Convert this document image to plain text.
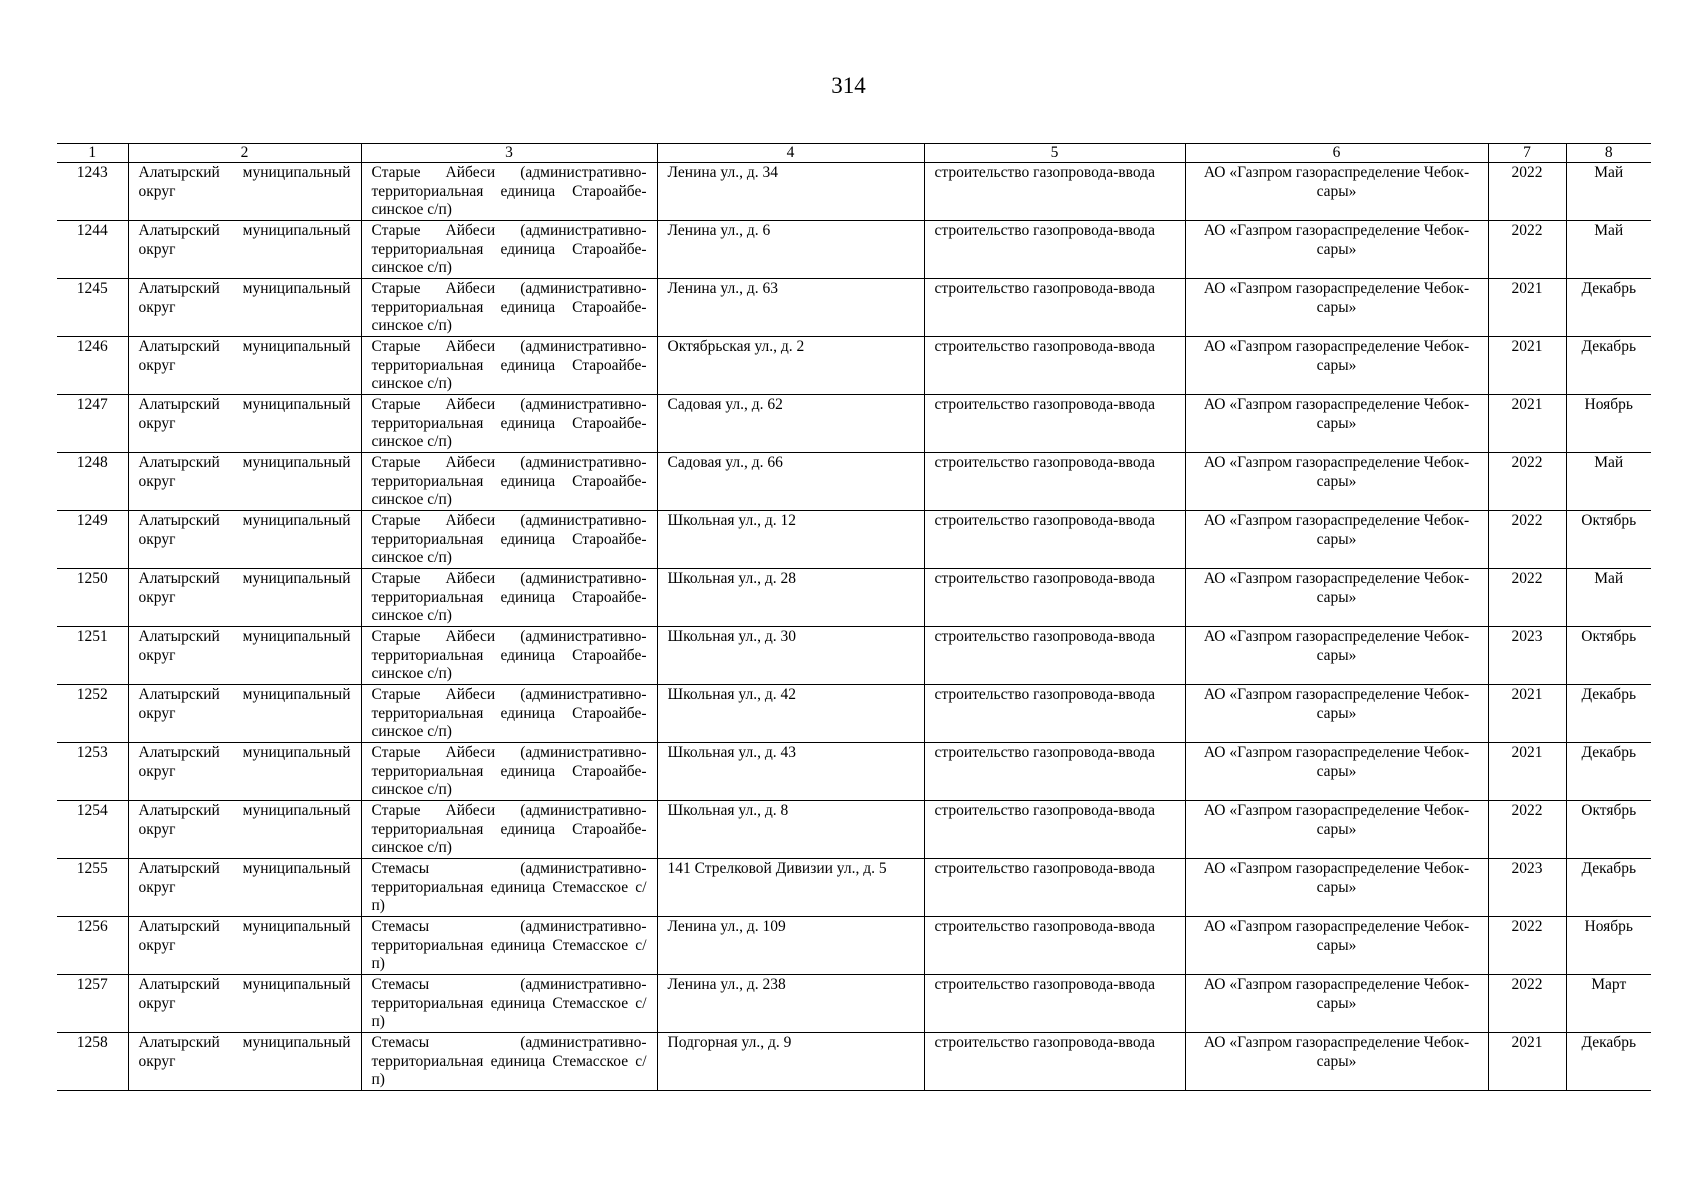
314
1	2	3	4	5	6	7	8
1243	Алатырский муниципальный округ	Старые Айбеси (административно-территориальная единица Староайбе-синское с/п)	Ленина ул., д. 34	строительство газопровода-ввода	АО «Газпром газораспределение Чебок-сары»	2022	Май
1244	Алатырский муниципальный округ	Старые Айбеси (административно-территориальная единица Староайбе-синское с/п)	Ленина ул., д. 6	строительство газопровода-ввода	АО «Газпром газораспределение Чебок-сары»	2022	Май
1245	Алатырский муниципальный округ	Старые Айбеси (административно-территориальная единица Староайбе-синское с/п)	Ленина ул., д. 63	строительство газопровода-ввода	АО «Газпром газораспределение Чебок-сары»	2021	Декабрь
1246	Алатырский муниципальный округ	Старые Айбеси (административно-территориальная единица Староайбе-синское с/п)	Октябрьская ул., д. 2	строительство газопровода-ввода	АО «Газпром газораспределение Чебок-сары»	2021	Декабрь
1247	Алатырский муниципальный округ	Старые Айбеси (административно-территориальная единица Староайбе-синское с/п)	Садовая ул., д. 62	строительство газопровода-ввода	АО «Газпром газораспределение Чебок-сары»	2021	Ноябрь
1248	Алатырский муниципальный округ	Старые Айбеси (административно-территориальная единица Староайбе-синское с/п)	Садовая ул., д. 66	строительство газопровода-ввода	АО «Газпром газораспределение Чебок-сары»	2022	Май
1249	Алатырский муниципальный округ	Старые Айбеси (административно-территориальная единица Староайбе-синское с/п)	Школьная ул., д. 12	строительство газопровода-ввода	АО «Газпром газораспределение Чебок-сары»	2022	Октябрь
1250	Алатырский муниципальный округ	Старые Айбеси (административно-территориальная единица Староайбе-синское с/п)	Школьная ул., д. 28	строительство газопровода-ввода	АО «Газпром газораспределение Чебок-сары»	2022	Май
1251	Алатырский муниципальный округ	Старые Айбеси (административно-территориальная единица Староайбе-синское с/п)	Школьная ул., д. 30	строительство газопровода-ввода	АО «Газпром газораспределение Чебок-сары»	2023	Октябрь
1252	Алатырский муниципальный округ	Старые Айбеси (административно-территориальная единица Староайбе-синское с/п)	Школьная ул., д. 42	строительство газопровода-ввода	АО «Газпром газораспределение Чебок-сары»	2021	Декабрь
1253	Алатырский муниципальный округ	Старые Айбеси (административно-территориальная единица Староайбе-синское с/п)	Школьная ул., д. 43	строительство газопровода-ввода	АО «Газпром газораспределение Чебок-сары»	2021	Декабрь
1254	Алатырский муниципальный округ	Старые Айбеси (административно-территориальная единица Староайбе-синское с/п)	Школьная ул., д. 8	строительство газопровода-ввода	АО «Газпром газораспределение Чебок-сары»	2022	Октябрь
1255	Алатырский муниципальный округ	Стемасы (административно-территориальная единица Стемасское с/п)	141 Стрелковой Дивизии ул., д. 5	строительство газопровода-ввода	АО «Газпром газораспределение Чебок-сары»	2023	Декабрь
1256	Алатырский муниципальный округ	Стемасы (административно-территориальная единица Стемасское с/п)	Ленина ул., д. 109	строительство газопровода-ввода	АО «Газпром газораспределение Чебок-сары»	2022	Ноябрь
1257	Алатырский муниципальный округ	Стемасы (административно-территориальная единица Стемасское с/п)	Ленина ул., д. 238	строительство газопровода-ввода	АО «Газпром газораспределение Чебок-сары»	2022	Март
1258	Алатырский муниципальный округ	Стемасы (административно-территориальная единица Стемасское с/п)	Подгорная ул., д. 9	строительство газопровода-ввода	АО «Газпром газораспределение Чебок-сары»	2021	Декабрь
